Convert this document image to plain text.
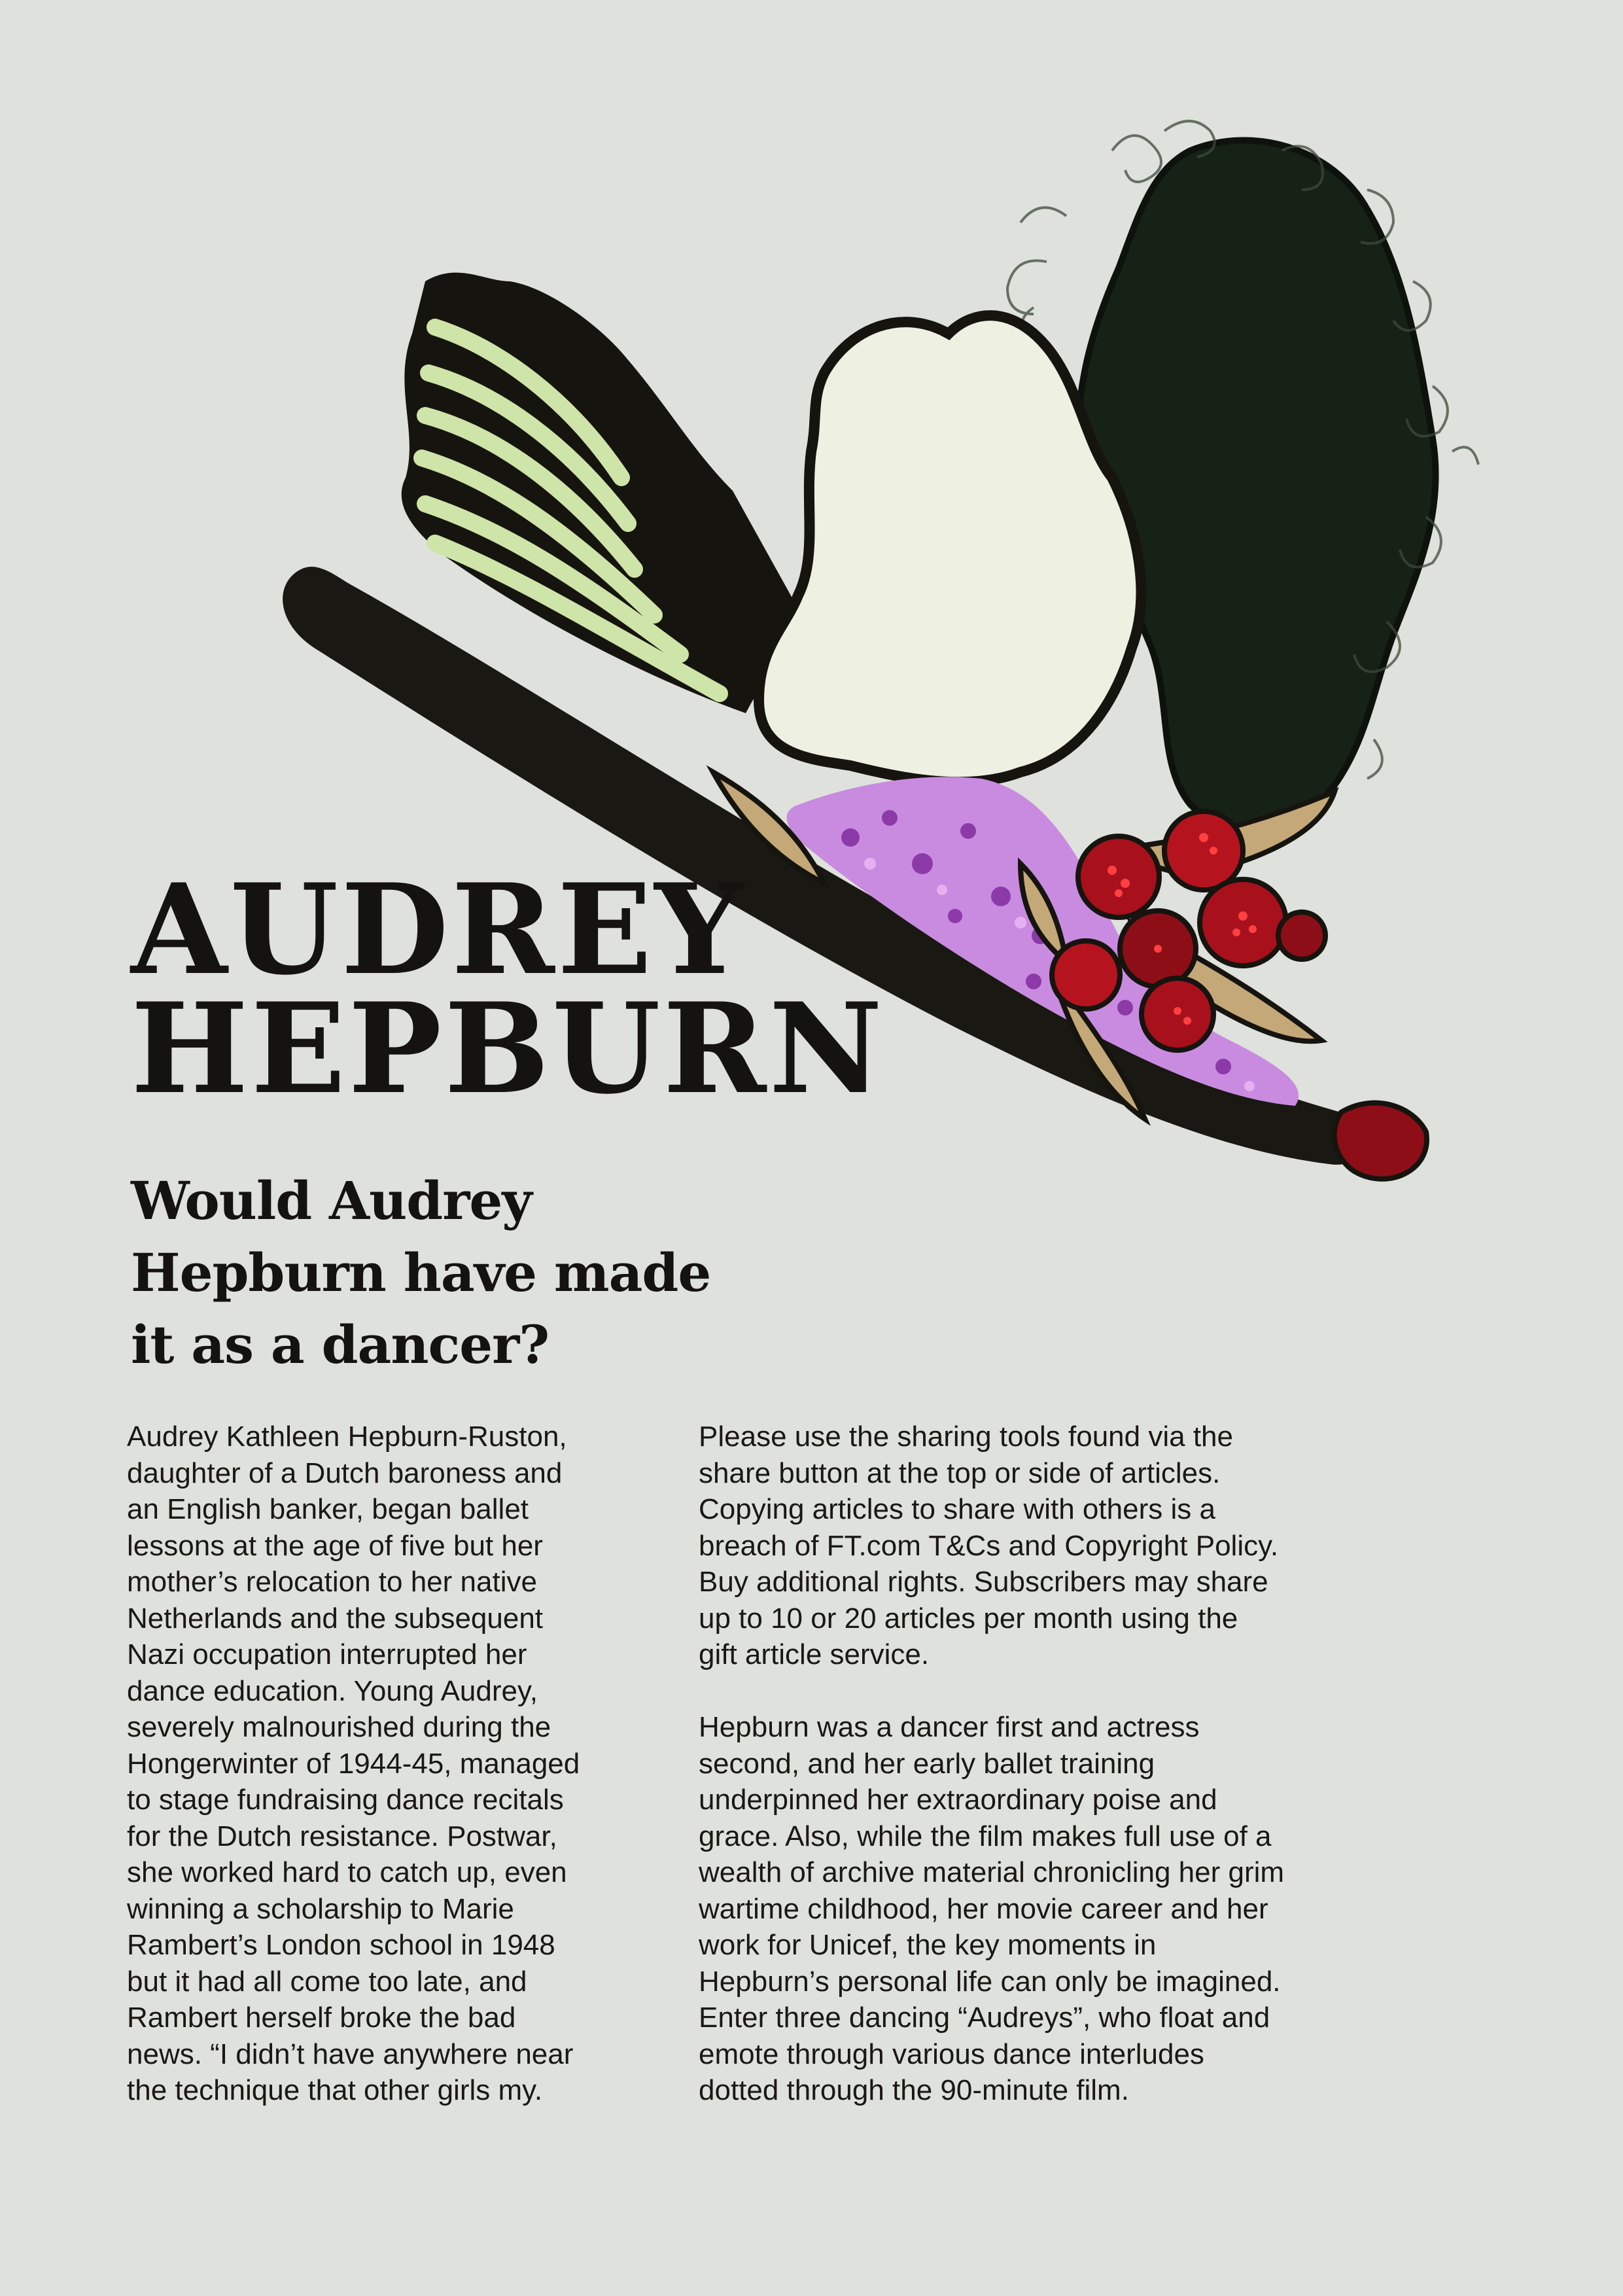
AUDREY
HEPBURN
Would Audrey
Hepburn have made
it as a dancer?
Audrey Kathleen Hepburn-Ruston,
daughter of a Dutch baroness and
an English banker, began ballet
lessons at the age of five but her
mother’s relocation to her native
Netherlands and the subsequent
Nazi occupation interrupted her
dance education. Young Audrey,
severely malnourished during the
Hongerwinter of 1944-45, managed
to stage fundraising dance recitals
for the Dutch resistance. Postwar,
she worked hard to catch up, even
winning a scholarship to Marie
Rambert’s London school in 1948
but it had all come too late, and
Rambert herself broke the bad
news. “I didn’t have anywhere near
the technique that other girls my.
Please use the sharing tools found via the
share button at the top or side of articles.
Copying articles to share with others is a
breach of FT.com T&Cs and Copyright Policy.
Buy additional rights. Subscribers may share
up to 10 or 20 articles per month using the
gift article service.
Hepburn was a dancer first and actress
second, and her early ballet training
underpinned her extraordinary poise and
grace. Also, while the film makes full use of a
wealth of archive material chronicling her grim
wartime childhood, her movie career and her
work for Unicef, the key moments in
Hepburn’s personal life can only be imagined.
Enter three dancing “Audreys”, who float and
emote through various dance interludes
dotted through the 90-minute film.
